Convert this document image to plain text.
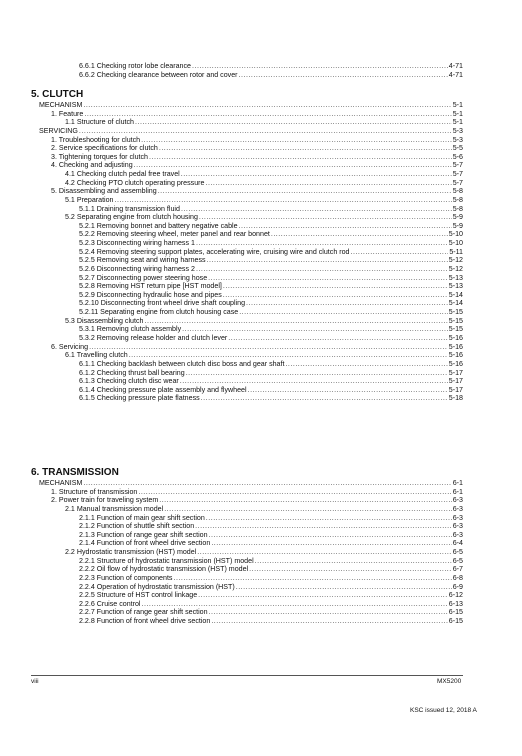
6.6.1 Checking rotor lobe clearance .....	4-71
6.6.2 Checking clearance between rotor and cover .....	4-71
5. CLUTCH
MECHANISM .....	5-1
1. Feature .....	5-1
1.1 Structure of clutch .....	5-1
SERVICING .....	5-3
1. Troubleshooting for clutch .....	5-3
2. Service specifications for clutch .....	5-5
3. Tightening torques for clutch .....	5-6
4. Checking and adjusting .....	5-7
4.1 Checking clutch pedal free travel .....	5-7
4.2 Checking PTO clutch operating pressure .....	5-7
5. Disassembling and assembling .....	5-8
5.1 Preparation .....	5-8
5.1.1 Draining transmission fluid .....	5-8
5.2 Separating engine from clutch housing .....	5-9
5.2.1 Removing bonnet and battery negative cable .....	5-9
5.2.2 Removing steering wheel, meter panel and rear bonnet .....	5-10
5.2.3 Disconnecting wiring harness 1 .....	5-10
5.2.4 Removing steering support plates, accelerating wire, cruising wire and clutch rod .....	5-11
5.2.5 Removing seat and wiring harness .....	5-12
5.2.6 Disconnecting wiring harness 2 .....	5-12
5.2.7 Disconnecting power steering hose .....	5-13
5.2.8 Removing HST return pipe [HST model] .....	5-13
5.2.9 Disconnecting hydraulic hose and pipes .....	5-14
5.2.10 Disconnecting front wheel drive shaft coupling .....	5-14
5.2.11 Separating engine from clutch housing case .....	5-15
5.3 Disassembling clutch .....	5-15
5.3.1 Removing clutch assembly .....	5-15
5.3.2 Removing release holder and clutch lever .....	5-16
6. Servicing .....	5-16
6.1 Travelling clutch .....	5-16
6.1.1 Checking backlash between clutch disc boss and gear shaft .....	5-16
6.1.2 Checking thrust ball bearing .....	5-17
6.1.3 Checking clutch disc wear .....	5-17
6.1.4 Checking pressure plate assembly and flywheel .....	5-17
6.1.5 Checking pressure plate flatness .....	5-18
6. TRANSMISSION
MECHANISM .....	6-1
1. Structure of transmission .....	6-1
2. Power train for traveling system .....	6-3
2.1 Manual transmission model .....	6-3
2.1.1 Function of main gear shift section .....	6-3
2.1.2 Function of shuttle shift section .....	6-3
2.1.3 Function of range gear shift section .....	6-3
2.1.4 Function of front wheel drive section .....	6-4
2.2 Hydrostatic transmission (HST) model .....	6-5
2.2.1 Structure of hydrostatic transmission (HST) model .....	6-5
2.2.2 Oil flow of hydrostatic transmission (HST) model .....	6-7
2.2.3 Function of components .....	6-8
2.2.4 Operation of hydrostatic transmission (HST) .....	6-9
2.2.5 Structure of HST control linkage .....	6-12
2.2.6 Cruise control .....	6-13
2.2.7 Function of range gear shift section .....	6-15
2.2.8 Function of front wheel drive section .....	6-15
viii	MX5200
KSC issued 12, 2018 A
